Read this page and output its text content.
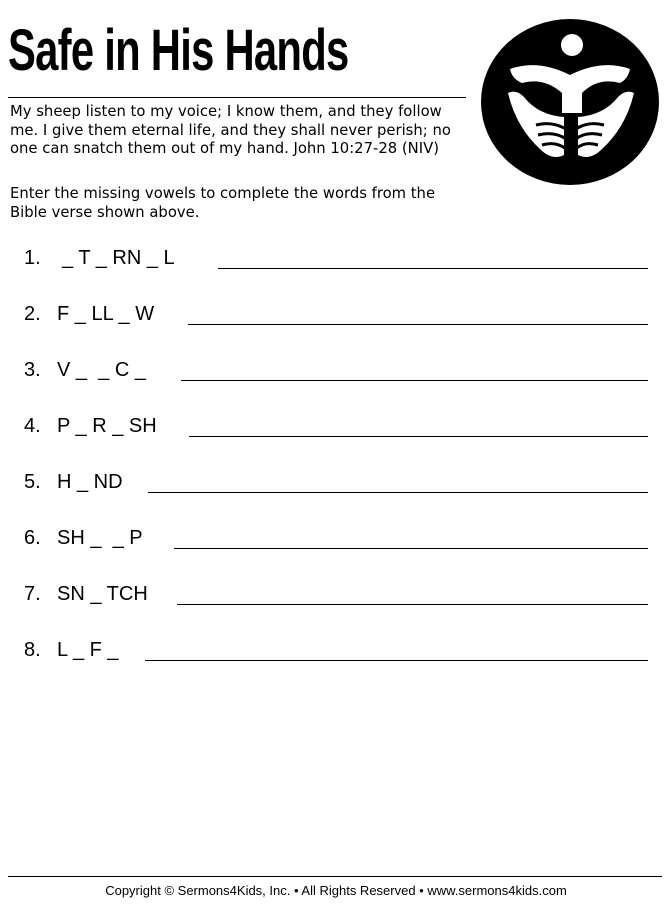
Safe in His Hands

My sheep listen to my voice; I know them, and they follow me. I give them eternal life, and they shall never perish; no one can snatch them out of my hand. John 10:27-28 (NIV)

Enter the missing vowels to complete the words from the Bible verse shown above.

1. _ T _ RN _ L
2. F _ LL _ W
3. V _  _ C _
4. P _ R _ SH
5. H _ ND
6. SH _  _ P
7. SN _ TCH
8. L _ F _
Copyright © Sermons4Kids, Inc. • All Rights Reserved • www.sermons4kids.com
